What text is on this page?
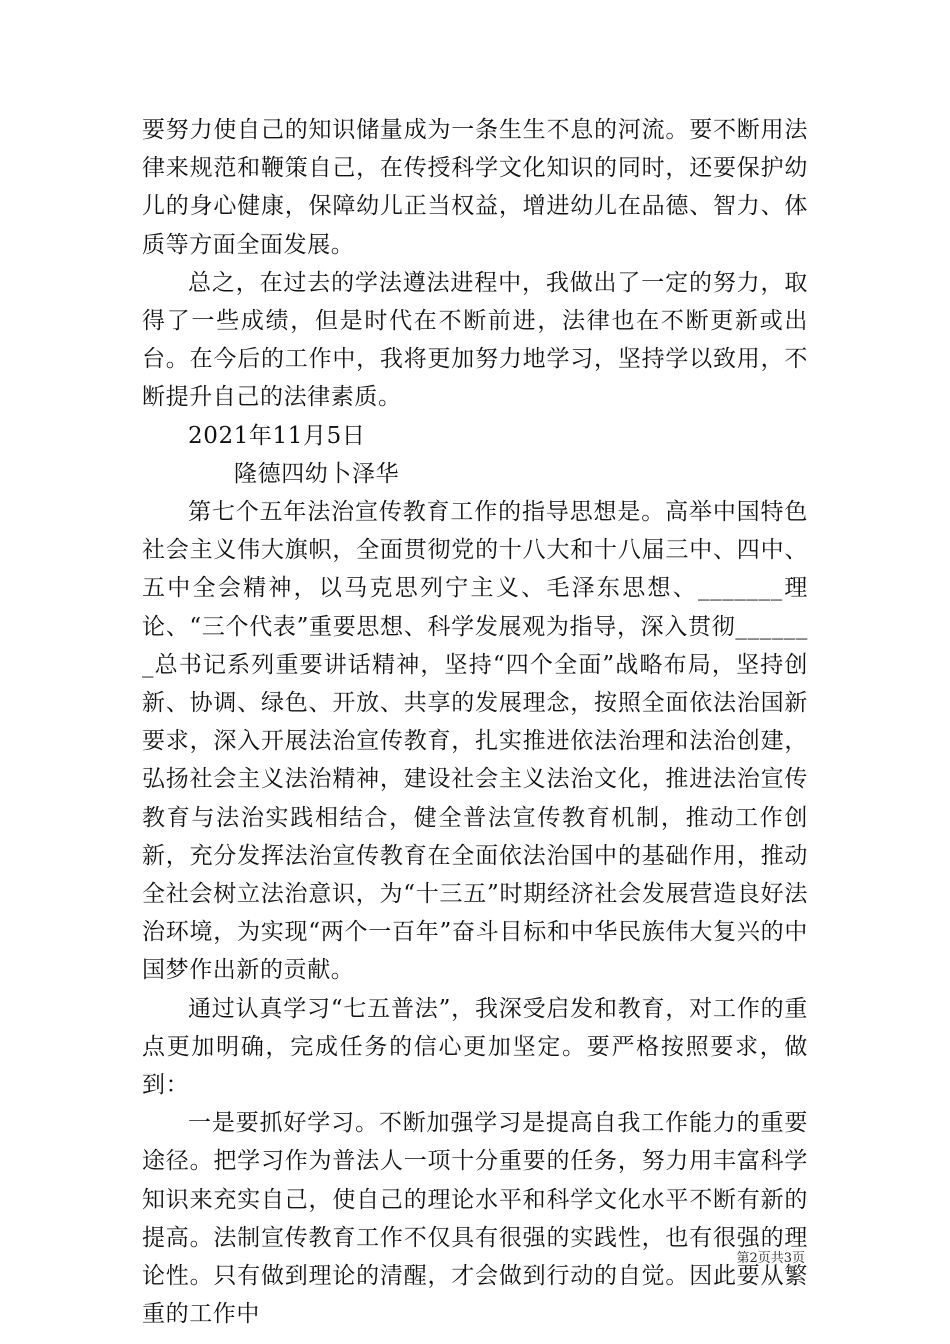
要努力使自己的知识储量成为一条生生不息的河流。要不断用法律来规范和鞭策自己，在传授科学文化知识的同时，还要保护幼儿的身心健康，保障幼儿正当权益，增进幼儿在品德、智力、体质等方面全面发展。

总之，在过去的学法遵法进程中，我做出了一定的努力，取得了一些成绩，但是时代在不断前进，法律也在不断更新或出台。在今后的工作中，我将更加努力地学习，坚持学以致用，不断提升自己的法律素质。

2021年11月5日

隆德四幼卜泽华

第七个五年法治宣传教育工作的指导思想是。高举中国特色社会主义伟大旗帜，全面贯彻党的十八大和十八届三中、四中、五中全会精神，以马克思列宁主义、毛泽东思想、_______理论、“三个代表”重要思想、科学发展观为指导，深入贯彻_______总书记系列重要讲话精神，坚持“四个全面”战略布局，坚持创新、协调、绿色、开放、共享的发展理念，按照全面依法治国新要求，深入开展法治宣传教育，扎实推进依法治理和法治创建，弘扬社会主义法治精神，建设社会主义法治文化，推进法治宣传教育与法治实践相结合，健全普法宣传教育机制，推动工作创新，充分发挥法治宣传教育在全面依法治国中的基础作用，推动全社会树立法治意识，为“十三五”时期经济社会发展营造良好法治环境，为实现“两个一百年”奋斗目标和中华民族伟大复兴的中国梦作出新的贡献。

通过认真学习“七五普法”，我深受启发和教育，对工作的重点更加明确，完成任务的信心更加坚定。要严格按照要求，做到：

一是要抓好学习。不断加强学习是提高自我工作能力的重要途径。把学习作为普法人一项十分重要的任务，努力用丰富科学知识来充实自己，使自己的理论水平和科学文化水平不断有新的提高。法制宣传教育工作不仅具有很强的实践性，也有很强的理论性。只有做到理论的清醒，才会做到行动的自觉。因此要从繁重的工作中

第2页共3页
